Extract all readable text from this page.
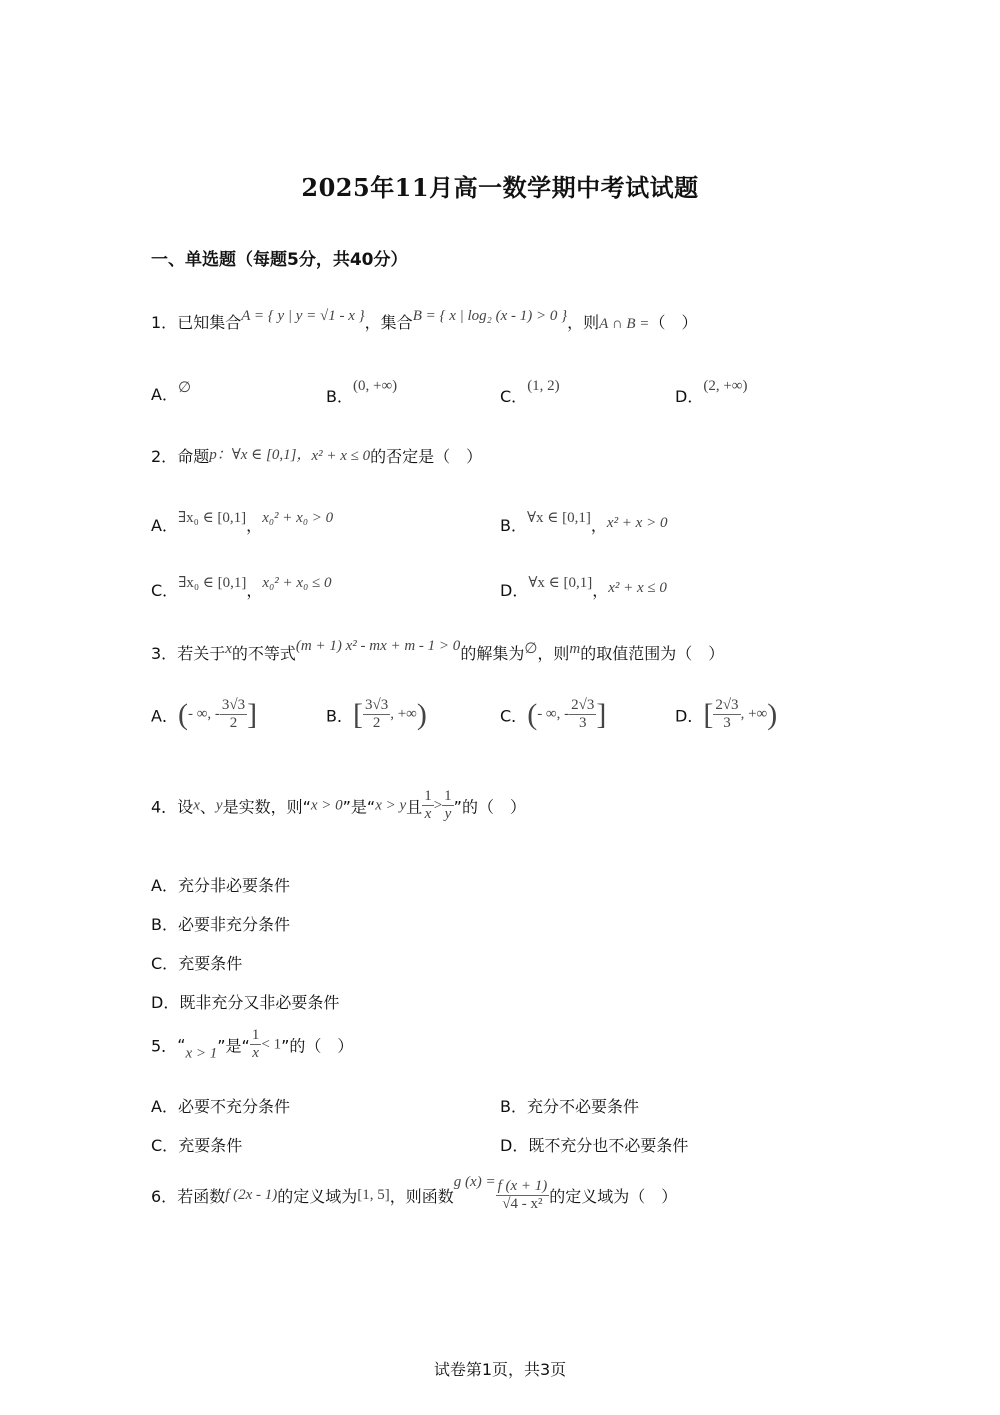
2025年11月高一数学期中考试试题
一、单选题（每题5分，共40分）
1．已知集合A = { y | y = √1 - x }，集合B = { x | log₂ (x - 1) > 0 }，则A ∩ B =（　）
A．∅	B．(0, +∞)
C．(1, 2)
D．(2, +∞)
2．命题p：∀x ∈ [0,1]，x² + x ≤ 0的否定是（　）
A．∃x₀ ∈ [0,1]，x₀² + x₀ > 0	B．∀x ∈ [0,1]，x² + x > 0
C．∃x₀ ∈ [0,1]，x₀² + x₀ ≤ 0	D．∀x ∈ [0,1]，x² + x ≤ 0
3．若关于x的不等式(m + 1) x² - mx + m - 1 > 0的解集为∅，则m的取值范围为（　）
A．(- ∞, - $\frac{3√3}{2}$ ]	B．[ $\frac{3√3}{2}$ , +∞)	C．(- ∞, - $\frac{2√3}{3}$ ]	D．[ $\frac{2√3}{3}$ , +∞)
4．设x、y是实数，则“x > 0”是“x > y且 $\frac{1}{x} > \frac{1}{y}$ ”的（　）
A．充分非必要条件
B．必要非充分条件
C．充要条件
D．既非充分又非必要条件
5．“x > 1”是“ $\frac{1}{x} < 1$”的（　）
A．必要不充分条件	B．充分不必要条件
C．充要条件	D．既不充分也不必要条件
6．若函数f (2x - 1)的定义域为[1, 5]，则函数g $(x) = \frac{f (x + 1)}{\text{√4 - x²}}$ 的定义域为（　）
试卷第1页，共3页
